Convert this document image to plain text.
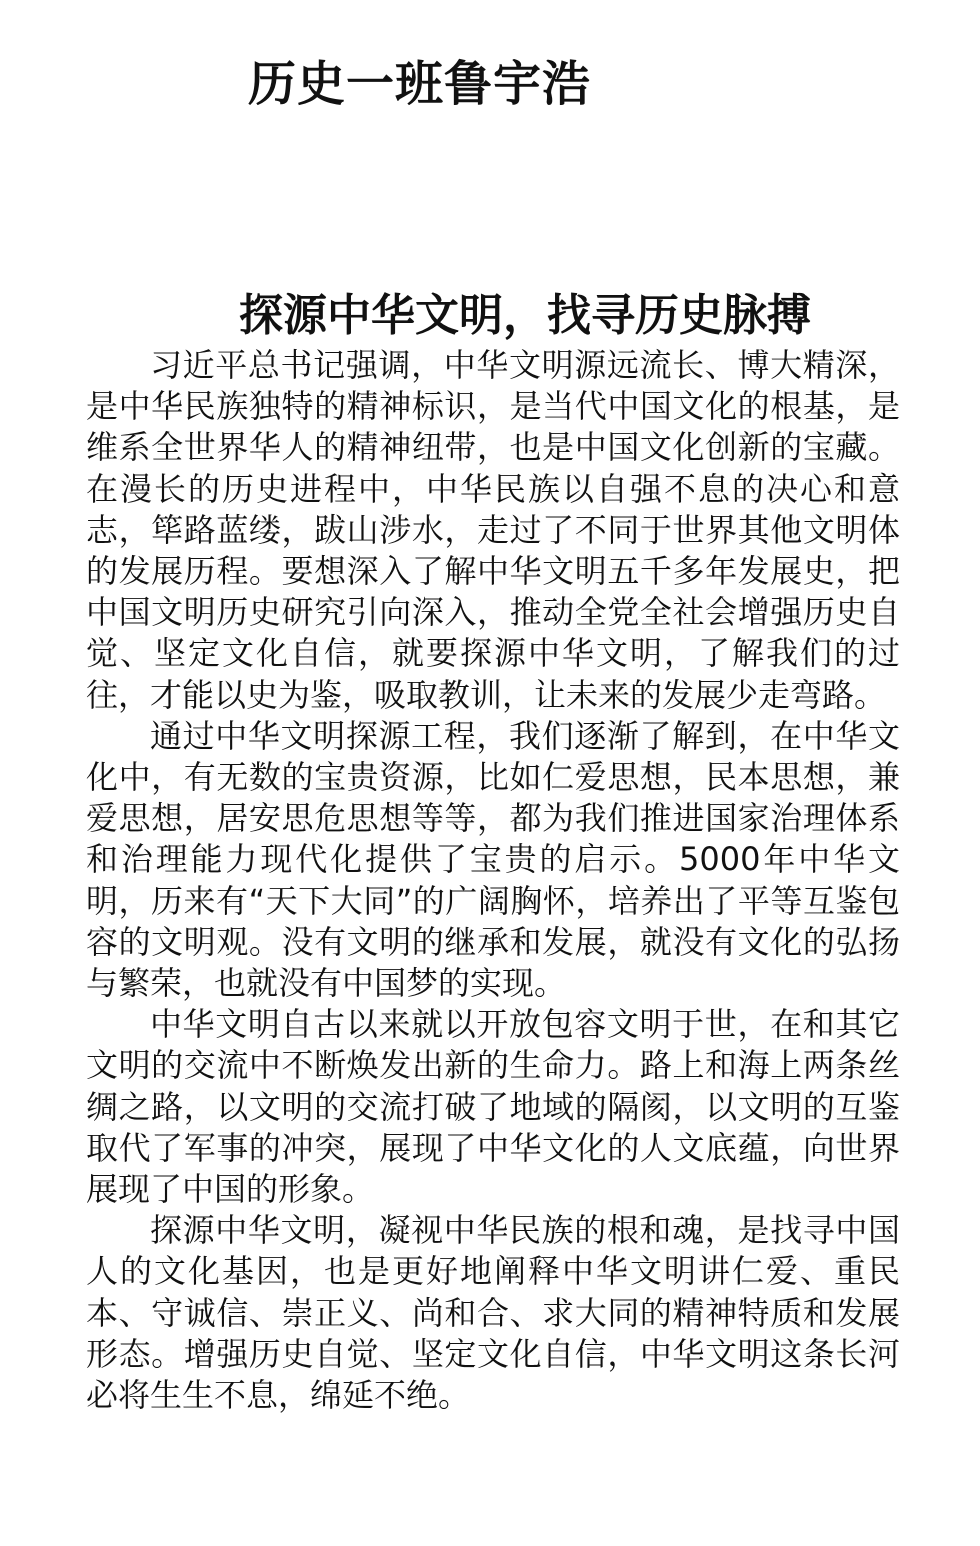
历史一班鲁宇浩
探源中华文明，找寻历史脉搏

习近平总书记强调，中华文明源远流长、博大精深，是中华民族独特的精神标识，是当代中国文化的根基，是维系全世界华人的精神纽带，也是中国文化创新的宝藏。在漫长的历史进程中，中华民族以自强不息的决心和意志，筚路蓝缕，跋山涉水，走过了不同于世界其他文明体的发展历程。要想深入了解中华文明五千多年发展史，把中国文明历史研究引向深入，推动全党全社会增强历史自觉、坚定文化自信，就要探源中华文明，了解我们的过往，才能以史为鉴，吸取教训，让未来的发展少走弯路。

通过中华文明探源工程，我们逐渐了解到，在中华文化中，有无数的宝贵资源，比如仁爱思想，民本思想，兼爱思想，居安思危思想等等，都为我们推进国家治理体系和治理能力现代化提供了宝贵的启示。5000年中华文明，历来有“天下大同”的广阔胸怀，培养出了平等互鉴包容的文明观。没有文明的继承和发展，就没有文化的弘扬与繁荣，也就没有中国梦的实现。

中华文明自古以来就以开放包容文明于世，在和其它文明的交流中不断焕发出新的生命力。路上和海上两条丝绸之路，以文明的交流打破了地域的隔阂，以文明的互鉴取代了军事的冲突，展现了中华文化的人文底蕴，向世界展现了中国的形象。

探源中华文明，凝视中华民族的根和魂，是找寻中国人的文化基因，也是更好地阐释中华文明讲仁爱、重民本、守诚信、崇正义、尚和合、求大同的精神特质和发展形态。增强历史自觉、坚定文化自信，中华文明这条长河必将生生不息，绵延不绝。
